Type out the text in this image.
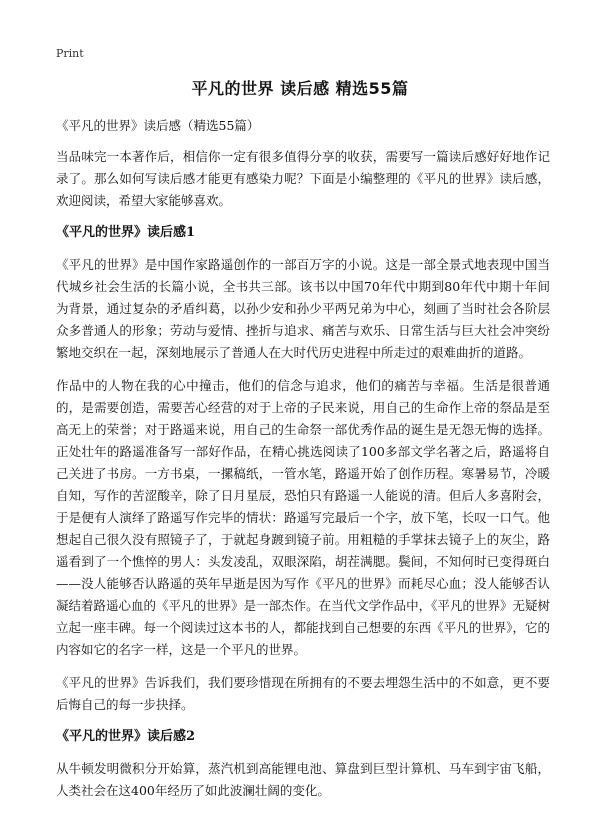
Print
平凡的世界 读后感 精选55篇
《平凡的世界》读后感（精选55篇）

当品味完一本著作后，相信你一定有很多值得分享的收获，需要写一篇读后感好好地作记录了。那么如何写读后感才能更有感染力呢？下面是小编整理的《平凡的世界》读后感，欢迎阅读，希望大家能够喜欢。

《平凡的世界》读后感1

《平凡的世界》是中国作家路遥创作的一部百万字的小说。这是一部全景式地表现中国当代城乡社会生活的长篇小说，全书共三部。该书以中国70年代中期到80年代中期十年间为背景，通过复杂的矛盾纠葛，以孙少安和孙少平两兄弟为中心，刻画了当时社会各阶层众多普通人的形象；劳动与爱情、挫折与追求、痛苦与欢乐、日常生活与巨大社会冲突纷繁地交织在一起，深刻地展示了普通人在大时代历史进程中所走过的艰难曲折的道路。

作品中的人物在我的心中撞击，他们的信念与追求，他们的痛苦与幸福。生活是很普通的，是需要创造，需要苦心经营的对于上帝的子民来说，用自己的生命作上帝的祭品是至高无上的荣誉；对于路遥来说，用自己的生命祭一部优秀作品的诞生是无怨无悔的选择。正处壮年的路遥准备写一部好作品，在精心挑选阅读了100多部文学名著之后，路遥将自己关进了书房。一方书桌，一摞稿纸，一管水笔，路遥开始了创作历程。寒暑易节，冷暖自知，写作的苦涩酸辛，除了日月星辰，恐怕只有路遥一人能说的清。但后人多喜附会，于是便有人演绎了路遥写作完毕的情状：路遥写完最后一个字，放下笔，长叹一口气。他想起自己很久没有照镜子了，于就起身踱到镜子前。用粗糙的手掌抹去镜子上的灰尘，路遥看到了一个憔悴的男人：头发凌乱，双眼深陷，胡茬满腮。鬓间，不知何时已变得斑白——没人能够否认路遥的英年早逝是因为写作《平凡的世界》而耗尽心血；没人能够否认凝结着路遥心血的《平凡的世界》是一部杰作。在当代文学作品中，《平凡的世界》无疑树立起一座丰碑。每一个阅读过这本书的人，都能找到自己想要的东西《平凡的世界》，它的内容如它的名字一样，这是一个平凡的世界。

《平凡的世界》告诉我们，我们要珍惜现在所拥有的不要去埋怨生活中的不如意，更不要后悔自己的每一步抉择。

《平凡的世界》读后感2

从牛顿发明微积分开始算，蒸汽机到高能锂电池、算盘到巨型计算机、马车到宇宙飞船，人类社会在这400年经历了如此波澜壮阔的变化。
